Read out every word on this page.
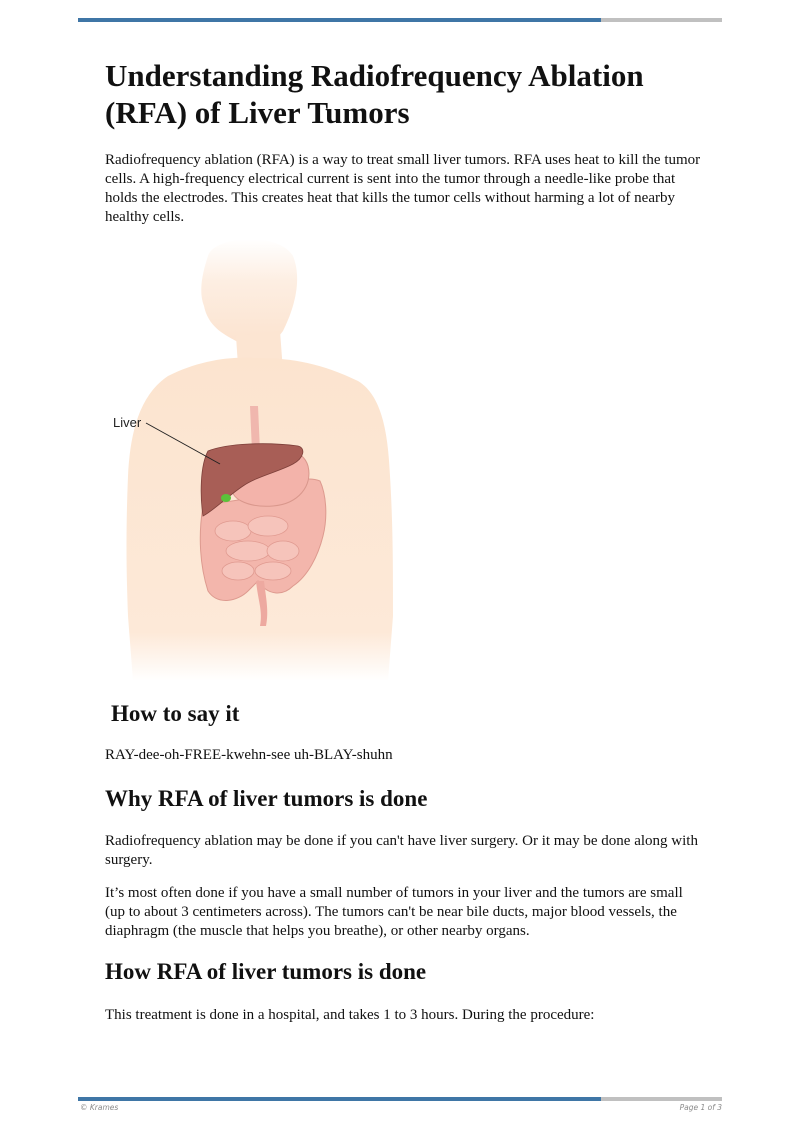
Understanding Radiofrequency Ablation (RFA) of Liver Tumors

Radiofrequency ablation (RFA) is a way to treat small liver tumors. RFA uses heat to kill the tumor cells. A high-frequency electrical current is sent into the tumor through a needle-like probe that holds the electrodes. This creates heat that kills the tumor cells without harming a lot of nearby healthy cells.

Liver
How to say it

RAY-dee-oh-FREE-kwehn-see uh-BLAY-shuhn

Why RFA of liver tumors is done

Radiofrequency ablation may be done if you can't have liver surgery. Or it may be done along with surgery.

It’s most often done if you have a small number of tumors in your liver and the tumors are small (up to about 3 centimeters across). The tumors can't be near bile ducts, major blood vessels, the diaphragm (the muscle that helps you breathe), or other nearby organs.

How RFA of liver tumors is done

This treatment is done in a hospital, and takes 1 to 3 hours. During the procedure:

© Krames	Page 1 of 3
